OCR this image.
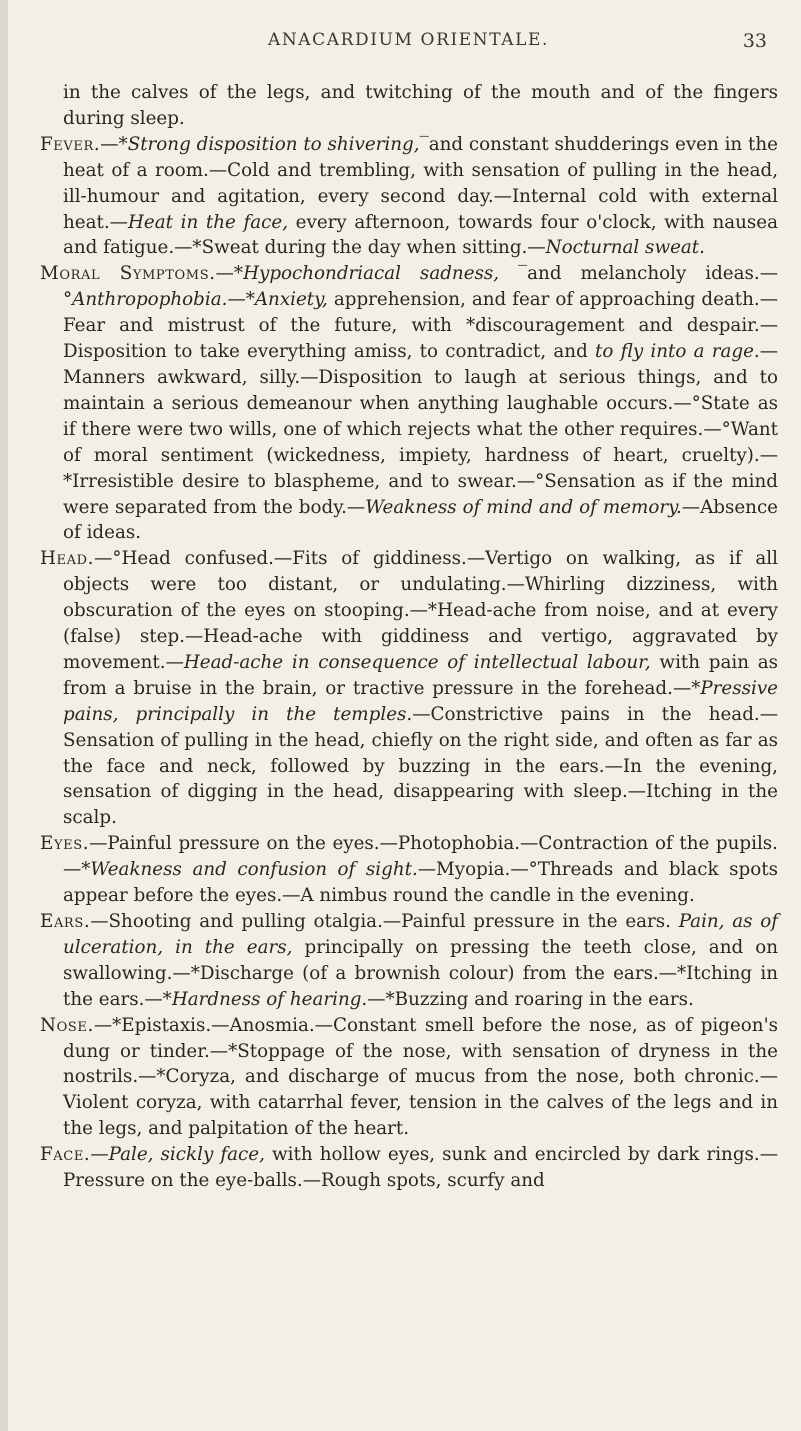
ANACARDIUM ORIENTALE.	33

in the calves of the legs, and twitching of the mouth and of the fingers during sleep.

Fever.—*Strong disposition to shivering,‾and constant shudderings even in the heat of a room.—Cold and trembling, with sensation of pulling in the head, ill-humour and agitation, every second day.—Internal cold with external heat.—Heat in the face, every afternoon, towards four o'clock, with nausea and fatigue.—*Sweat during the day when sitting.—Nocturnal sweat.

Moral Symptoms.—*Hypochondriacal sadness, ‾and melancholy ideas.—°Anthropophobia.—*Anxiety, apprehension, and fear of approaching death.—Fear and mistrust of the future, with *discouragement and despair.—Disposition to take everything amiss, to contradict, and to fly into a rage.—Manners awkward, silly.—Disposition to laugh at serious things, and to maintain a serious demeanour when anything laughable occurs.—°State as if there were two wills, one of which rejects what the other requires.—°Want of moral sentiment (wickedness, impiety, hardness of heart, cruelty).—*Irresistible desire to blaspheme, and to swear.—°Sensation as if the mind were separated from the body.—Weakness of mind and of memory.—Absence of ideas.

Head.—°Head confused.—Fits of giddiness.—Vertigo on walking, as if all objects were too distant, or undulating.—Whirling dizziness, with obscuration of the eyes on stooping.—*Head-ache from noise, and at every (false) step.—Head-ache with giddiness and vertigo, aggravated by movement.—Head-ache in consequence of intellectual labour, with pain as from a bruise in the brain, or tractive pressure in the forehead.—*Pressive pains, principally in the temples.—Constrictive pains in the head.—Sensation of pulling in the head, chiefly on the right side, and often as far as the face and neck, followed by buzzing in the ears.—In the evening, sensation of digging in the head, disappearing with sleep.—Itching in the scalp.

Eyes.—Painful pressure on the eyes.—Photophobia.—Contraction of the pupils.—*Weakness and confusion of sight.—Myopia.—°Threads and black spots appear before the eyes.—A nimbus round the candle in the evening.

Ears.—Shooting and pulling otalgia.—Painful pressure in the ears. Pain, as of ulceration, in the ears, principally on pressing the teeth close, and on swallowing.—*Discharge (of a brownish colour) from the ears.—*Itching in the ears.—*Hardness of hearing.—*Buzzing and roaring in the ears.

Nose.—*Epistaxis.—Anosmia.—Constant smell before the nose, as of pigeon's dung or tinder.—*Stoppage of the nose, with sensation of dryness in the nostrils.—*Coryza, and discharge of mucus from the nose, both chronic.—Violent coryza, with catarrhal fever, tension in the calves of the legs and in the legs, and palpitation of the heart.

Face.—Pale, sickly face, with hollow eyes, sunk and encircled by dark rings.—Pressure on the eye-balls.—Rough spots, scurfy and
